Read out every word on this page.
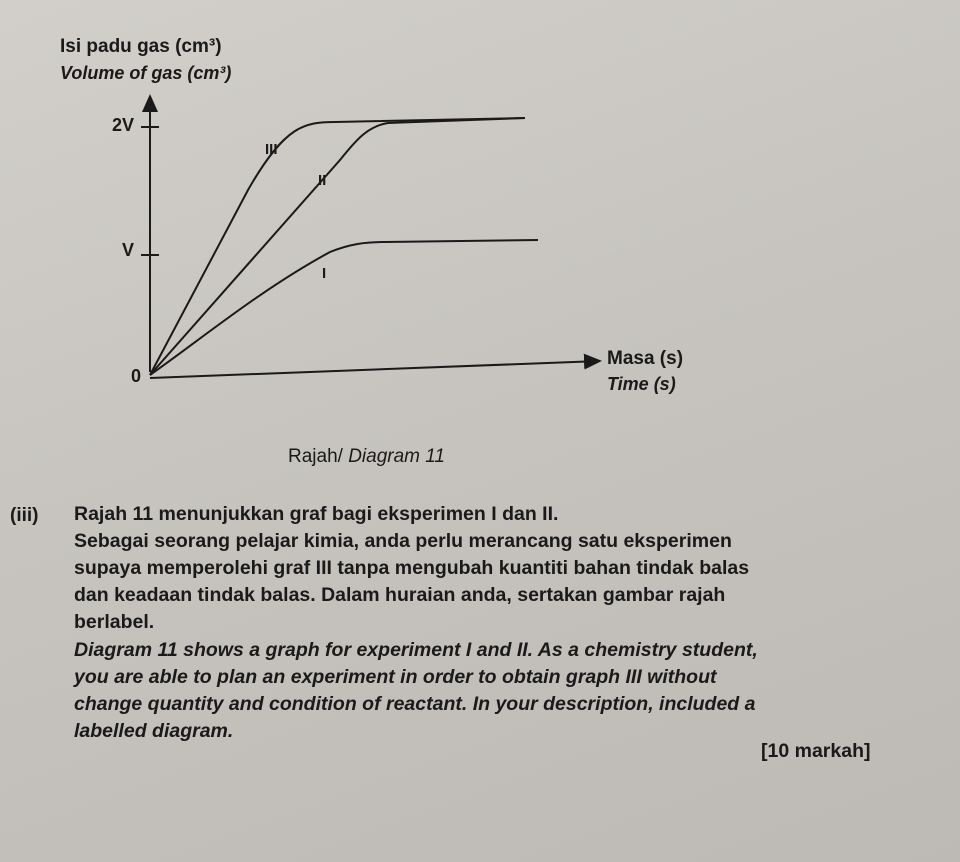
Isi padu gas (cm³)
Volume of gas (cm³)
2V
V
0
I
II
III
Masa (s)
Time (s)
Rajah/ Diagram 11
(iii) Rajah 11 menunjukkan graf bagi eksperimen I dan II.
Sebagai seorang pelajar kimia, anda perlu merancang satu eksperimen
supaya memperolehi graf III tanpa mengubah kuantiti bahan tindak balas
dan keadaan tindak balas. Dalam huraian anda, sertakan gambar rajah
berlabel.
Diagram 11 shows a graph for experiment I and II. As a chemistry student,
you are able to plan an experiment in order to obtain graph III without
change quantity and condition of reactant. In your description, included a
labelled diagram.
[10 markah]
